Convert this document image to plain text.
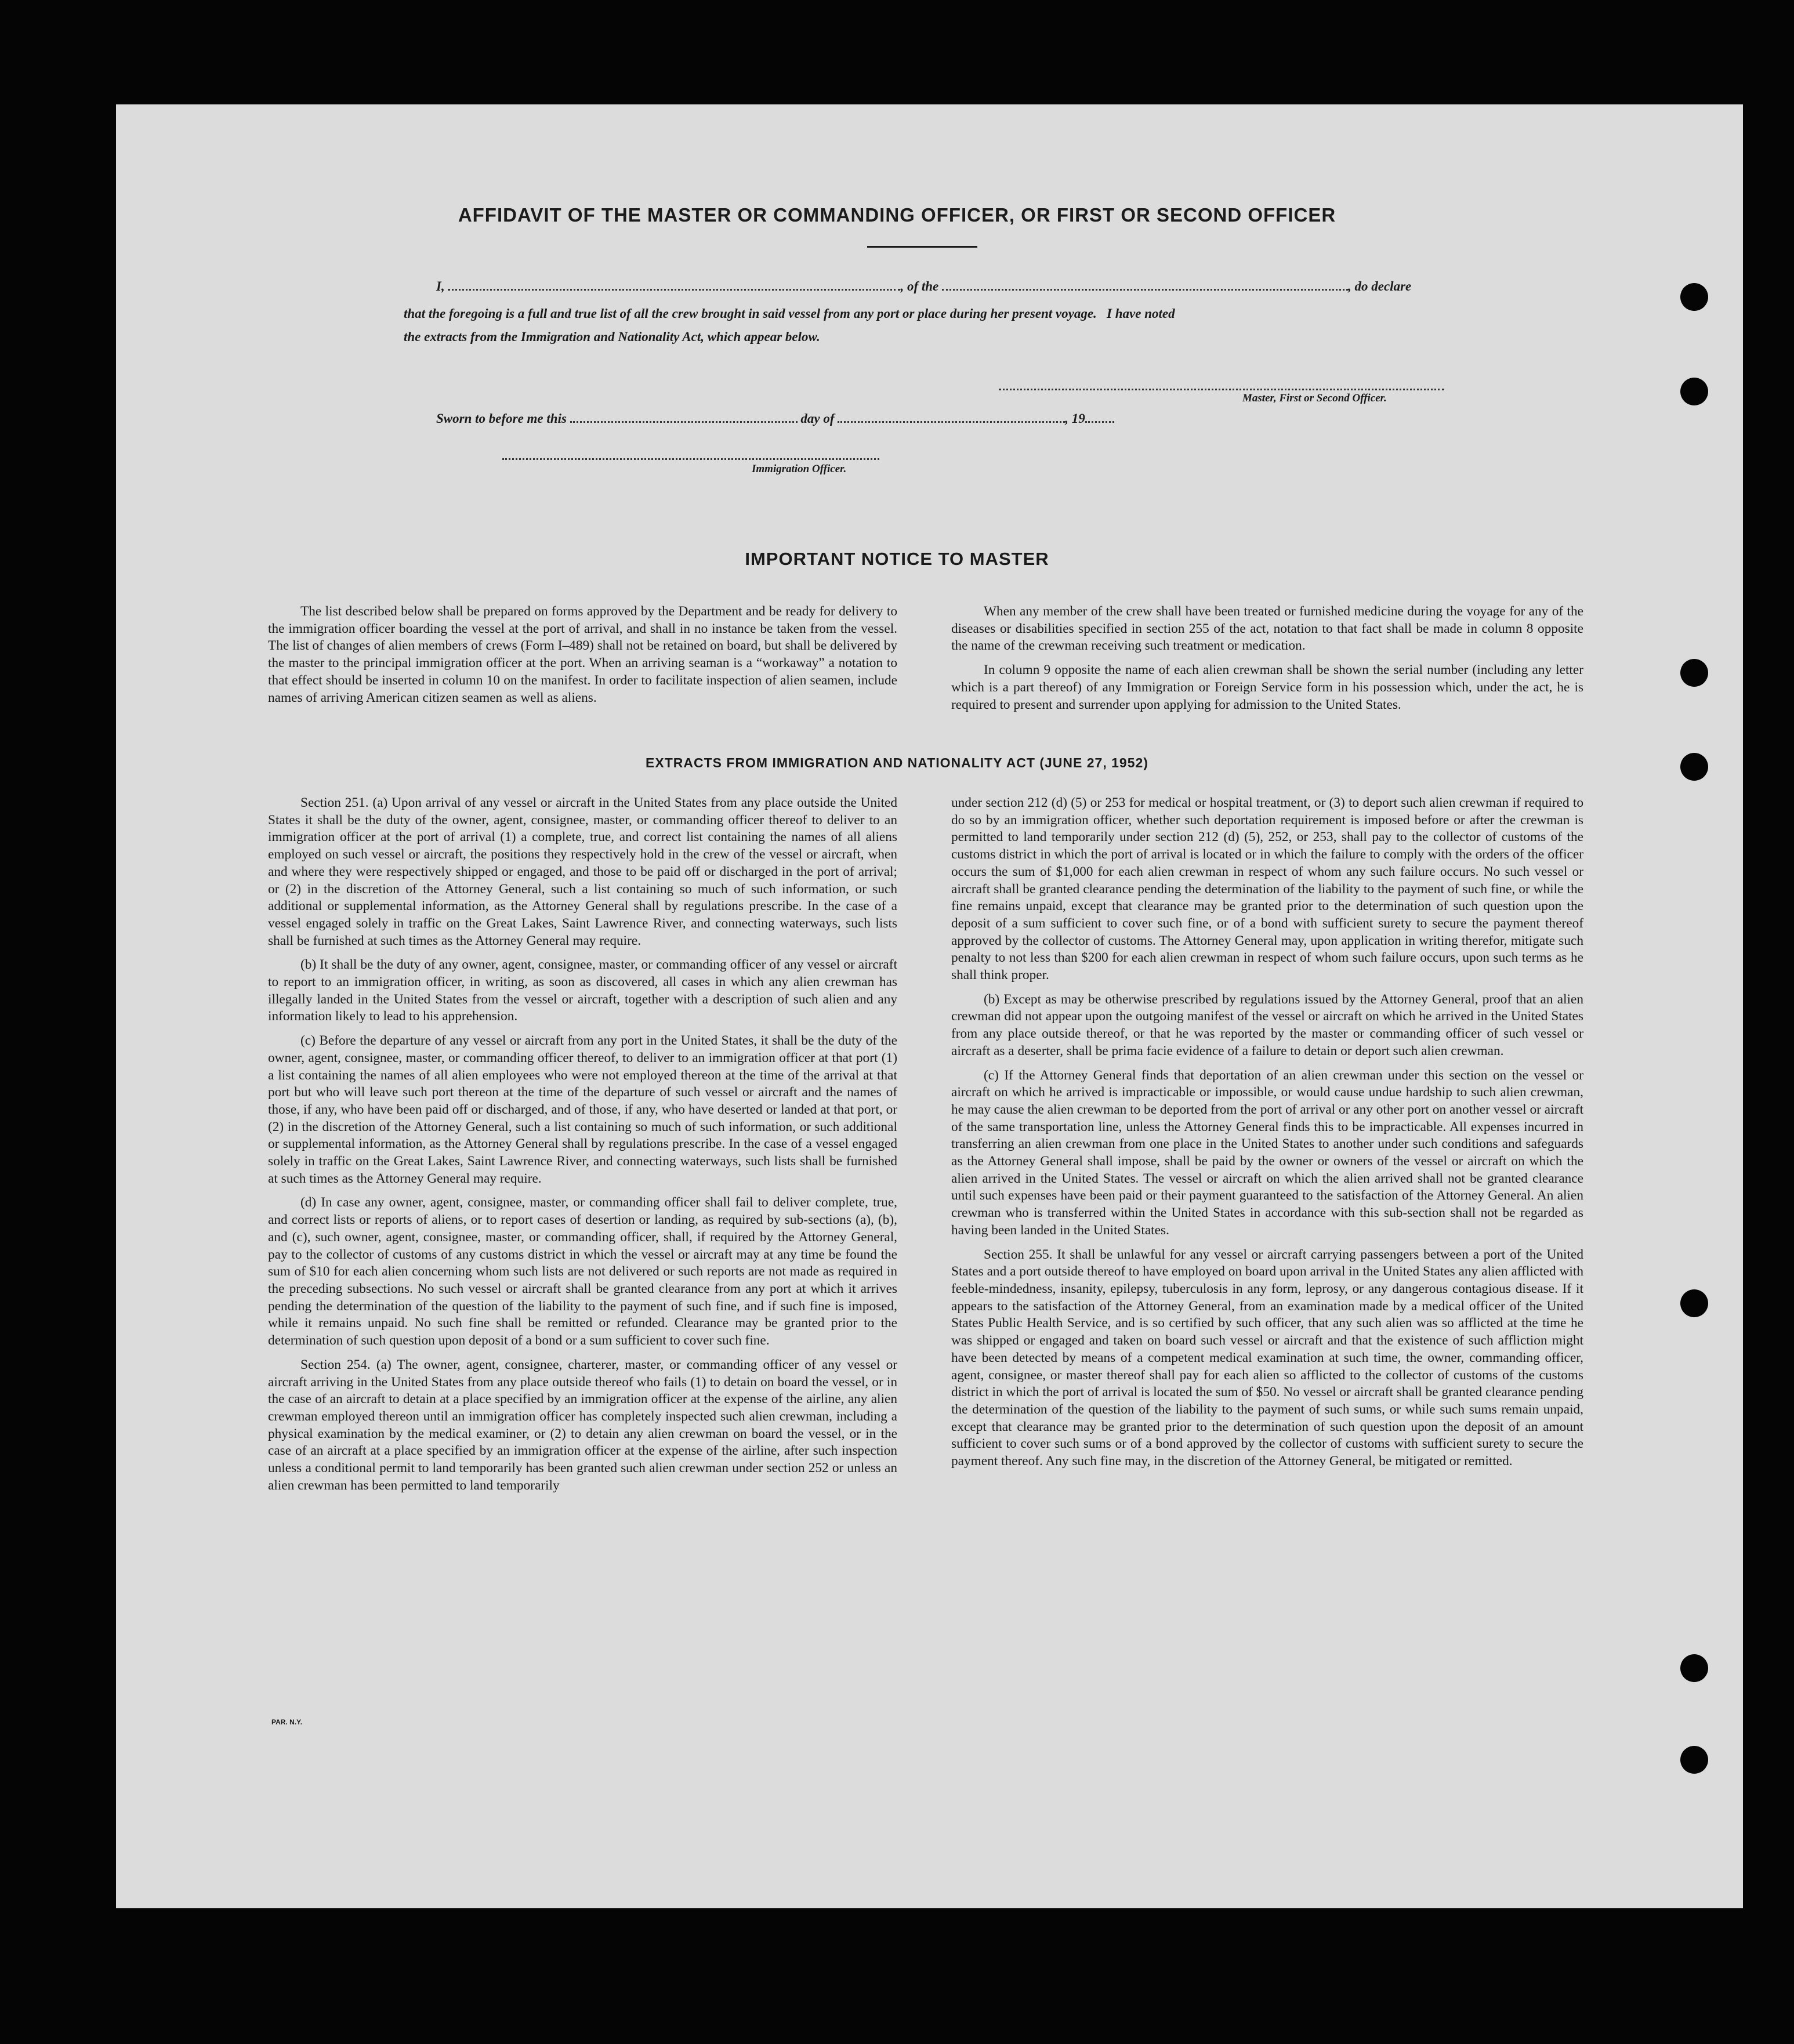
AFFIDAVIT OF THE MASTER OR COMMANDING OFFICER, OR FIRST OR SECOND OFFICER
I,	, of the	, do declare
that the foregoing is a full and true list of all the crew brought in said vessel from any port or place during her present voyage.   I have noted
the extracts from the Immigration and Nationality Act, which appear below.
Master, First or Second Officer.
Sworn to before me this	day of	, 19
Immigration Officer.
IMPORTANT NOTICE TO MASTER

The list described below shall be prepared on forms approved by the Department and be ready for delivery to the immigration officer boarding the vessel at the port of arrival, and shall in no instance be taken from the vessel. The list of changes of alien members of crews (Form I–489) shall not be retained on board, but shall be delivered by the master to the principal immigration officer at the port. When an arriving seaman is a “workaway” a notation to that effect should be inserted in column 10 on the manifest. In order to facilitate inspection of alien seamen, include names of arriving American citizen seamen as well as aliens.

When any member of the crew shall have been treated or furnished medicine during the voyage for any of the diseases or disabilities specified in section 255 of the act, notation to that fact shall be made in column 8 opposite the name of the crewman receiving such treatment or medication.

In column 9 opposite the name of each alien crewman shall be shown the serial number (including any letter which is a part thereof) of any Immigration or Foreign Service form in his possession which, under the act, he is required to present and surrender upon applying for admission to the United States.

EXTRACTS FROM IMMIGRATION AND NATIONALITY ACT (JUNE 27, 1952)

Section 251. (a) Upon arrival of any vessel or aircraft in the United States from any place outside the United States it shall be the duty of the owner, agent, consignee, master, or commanding officer thereof to deliver to an immigration officer at the port of arrival (1) a complete, true, and correct list containing the names of all aliens employed on such vessel or aircraft, the positions they respectively hold in the crew of the vessel or aircraft, when and where they were respectively shipped or engaged, and those to be paid off or discharged in the port of arrival; or (2) in the discretion of the Attorney General, such a list containing so much of such information, or such additional or supplemental information, as the Attorney General shall by regulations prescribe. In the case of a vessel engaged solely in traffic on the Great Lakes, Saint Lawrence River, and connecting waterways, such lists shall be furnished at such times as the Attorney General may require.

(b) It shall be the duty of any owner, agent, consignee, master, or commanding officer of any vessel or aircraft to report to an immigration officer, in writing, as soon as discovered, all cases in which any alien crewman has illegally landed in the United States from the vessel or aircraft, together with a description of such alien and any information likely to lead to his apprehension.

(c) Before the departure of any vessel or aircraft from any port in the United States, it shall be the duty of the owner, agent, consignee, master, or commanding officer thereof, to deliver to an immigration officer at that port (1) a list containing the names of all alien employees who were not employed thereon at the time of the arrival at that port but who will leave such port thereon at the time of the departure of such vessel or aircraft and the names of those, if any, who have been paid off or discharged, and of those, if any, who have deserted or landed at that port, or (2) in the discretion of the Attorney General, such a list containing so much of such information, or such additional or supplemental information, as the Attorney General shall by regulations prescribe. In the case of a vessel engaged solely in traffic on the Great Lakes, Saint Lawrence River, and connecting waterways, such lists shall be furnished at such times as the Attorney General may require.

(d) In case any owner, agent, consignee, master, or commanding officer shall fail to deliver complete, true, and correct lists or reports of aliens, or to report cases of desertion or landing, as required by sub-sections (a), (b), and (c), such owner, agent, consignee, master, or commanding officer, shall, if required by the Attorney General, pay to the collector of customs of any customs district in which the vessel or aircraft may at any time be found the sum of $10 for each alien concerning whom such lists are not delivered or such reports are not made as required in the preceding subsections. No such vessel or aircraft shall be granted clearance from any port at which it arrives pending the determination of the question of the liability to the payment of such fine, and if such fine is imposed, while it remains unpaid. No such fine shall be remitted or refunded. Clearance may be granted prior to the determination of such question upon deposit of a bond or a sum sufficient to cover such fine.

Section 254. (a) The owner, agent, consignee, charterer, master, or commanding officer of any vessel or aircraft arriving in the United States from any place outside thereof who fails (1) to detain on board the vessel, or in the case of an aircraft to detain at a place specified by an immigration officer at the expense of the airline, any alien crewman employed thereon until an immigration officer has completely inspected such alien crewman, including a physical examination by the medical examiner, or (2) to detain any alien crewman on board the vessel, or in the case of an aircraft at a place specified by an immigration officer at the expense of the airline, after such inspection unless a conditional permit to land temporarily has been granted such alien crewman under section 252 or unless an alien crewman has been permitted to land temporarily

under section 212 (d) (5) or 253 for medical or hospital treatment, or (3) to deport such alien crewman if required to do so by an immigration officer, whether such deportation requirement is imposed before or after the crewman is permitted to land temporarily under section 212 (d) (5), 252, or 253, shall pay to the collector of customs of the customs district in which the port of arrival is located or in which the failure to comply with the orders of the officer occurs the sum of $1,000 for each alien crewman in respect of whom any such failure occurs. No such vessel or aircraft shall be granted clearance pending the determination of the liability to the payment of such fine, or while the fine remains unpaid, except that clearance may be granted prior to the determination of such question upon the deposit of a sum sufficient to cover such fine, or of a bond with sufficient surety to secure the payment thereof approved by the collector of customs. The Attorney General may, upon application in writing therefor, mitigate such penalty to not less than $200 for each alien crewman in respect of whom such failure occurs, upon such terms as he shall think proper.

(b) Except as may be otherwise prescribed by regulations issued by the Attorney General, proof that an alien crewman did not appear upon the outgoing manifest of the vessel or aircraft on which he arrived in the United States from any place outside thereof, or that he was reported by the master or commanding officer of such vessel or aircraft as a deserter, shall be prima facie evidence of a failure to detain or deport such alien crewman.

(c) If the Attorney General finds that deportation of an alien crewman under this section on the vessel or aircraft on which he arrived is impracticable or impossible, or would cause undue hardship to such alien crewman, he may cause the alien crewman to be deported from the port of arrival or any other port on another vessel or aircraft of the same transportation line, unless the Attorney General finds this to be impracticable. All expenses incurred in transferring an alien crewman from one place in the United States to another under such conditions and safeguards as the Attorney General shall impose, shall be paid by the owner or owners of the vessel or aircraft on which the alien arrived in the United States. The vessel or aircraft on which the alien arrived shall not be granted clearance until such expenses have been paid or their payment guaranteed to the satisfaction of the Attorney General. An alien crewman who is transferred within the United States in accordance with this sub-section shall not be regarded as having been landed in the United States.

Section 255. It shall be unlawful for any vessel or aircraft carrying passengers between a port of the United States and a port outside thereof to have employed on board upon arrival in the United States any alien afflicted with feeble-mindedness, insanity, epilepsy, tuberculosis in any form, leprosy, or any dangerous contagious disease. If it appears to the satisfaction of the Attorney General, from an examination made by a medical officer of the United States Public Health Service, and is so certified by such officer, that any such alien was so afflicted at the time he was shipped or engaged and taken on board such vessel or aircraft and that the existence of such affliction might have been detected by means of a competent medical examination at such time, the owner, commanding officer, agent, consignee, or master thereof shall pay for each alien so afflicted to the collector of customs of the customs district in which the port of arrival is located the sum of $50. No vessel or aircraft shall be granted clearance pending the determination of the question of the liability to the payment of such sums, or while such sums remain unpaid, except that clearance may be granted prior to the determination of such question upon the deposit of an amount sufficient to cover such sums or of a bond approved by the collector of customs with sufficient surety to secure the payment thereof. Any such fine may, in the discretion of the Attorney General, be mitigated or remitted.

PAR. N.Y.
